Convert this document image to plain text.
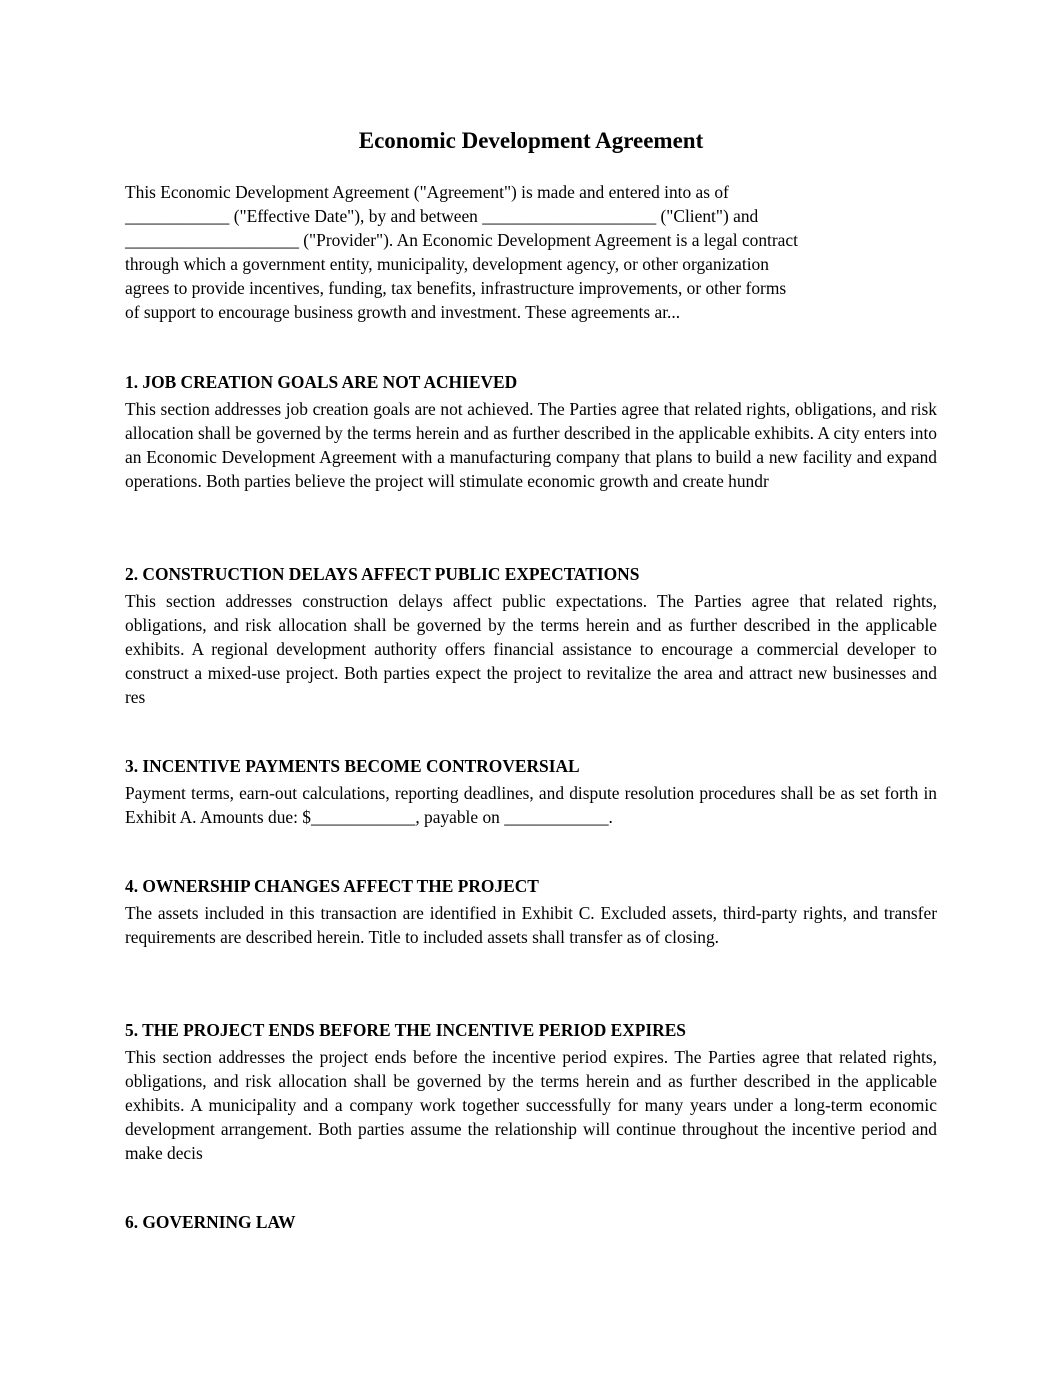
Economic Development Agreement
This Economic Development Agreement ("Agreement") is made and entered into as of
____________ ("Effective Date"), by and between ____________________ ("Client") and
____________________ ("Provider"). An Economic Development Agreement is a legal contract
through which a government entity, municipality, development agency, or other organization
agrees to provide incentives, funding, tax benefits, infrastructure improvements, or other forms
of support to encourage business growth and investment. These agreements ar...
1. JOB CREATION GOALS ARE NOT ACHIEVED

This section addresses job creation goals are not achieved. The Parties agree that related rights, obligations, and risk allocation shall be governed by the terms herein and as further described in the applicable exhibits. A city enters into an Economic Development Agreement with a manufacturing company that plans to build a new facility and expand operations. Both parties believe the project will stimulate economic growth and create hundr

2. CONSTRUCTION DELAYS AFFECT PUBLIC EXPECTATIONS

This section addresses construction delays affect public expectations. The Parties agree that related rights, obligations, and risk allocation shall be governed by the terms herein and as further described in the applicable exhibits. A regional development authority offers financial assistance to encourage a commercial developer to construct a mixed-use project. Both parties expect the project to revitalize the area and attract new businesses and res

3. INCENTIVE PAYMENTS BECOME CONTROVERSIAL

Payment terms, earn-out calculations, reporting deadlines, and dispute resolution procedures shall be as set forth in Exhibit A. Amounts due: $____________, payable on ____________.

4. OWNERSHIP CHANGES AFFECT THE PROJECT

The assets included in this transaction are identified in Exhibit C. Excluded assets, third-party rights, and transfer requirements are described herein. Title to included assets shall transfer as of closing.

5. THE PROJECT ENDS BEFORE THE INCENTIVE PERIOD EXPIRES

This section addresses the project ends before the incentive period expires. The Parties agree that related rights, obligations, and risk allocation shall be governed by the terms herein and as further described in the applicable exhibits. A municipality and a company work together successfully for many years under a long-term economic development arrangement. Both parties assume the relationship will continue throughout the incentive period and make decis

6. GOVERNING LAW
